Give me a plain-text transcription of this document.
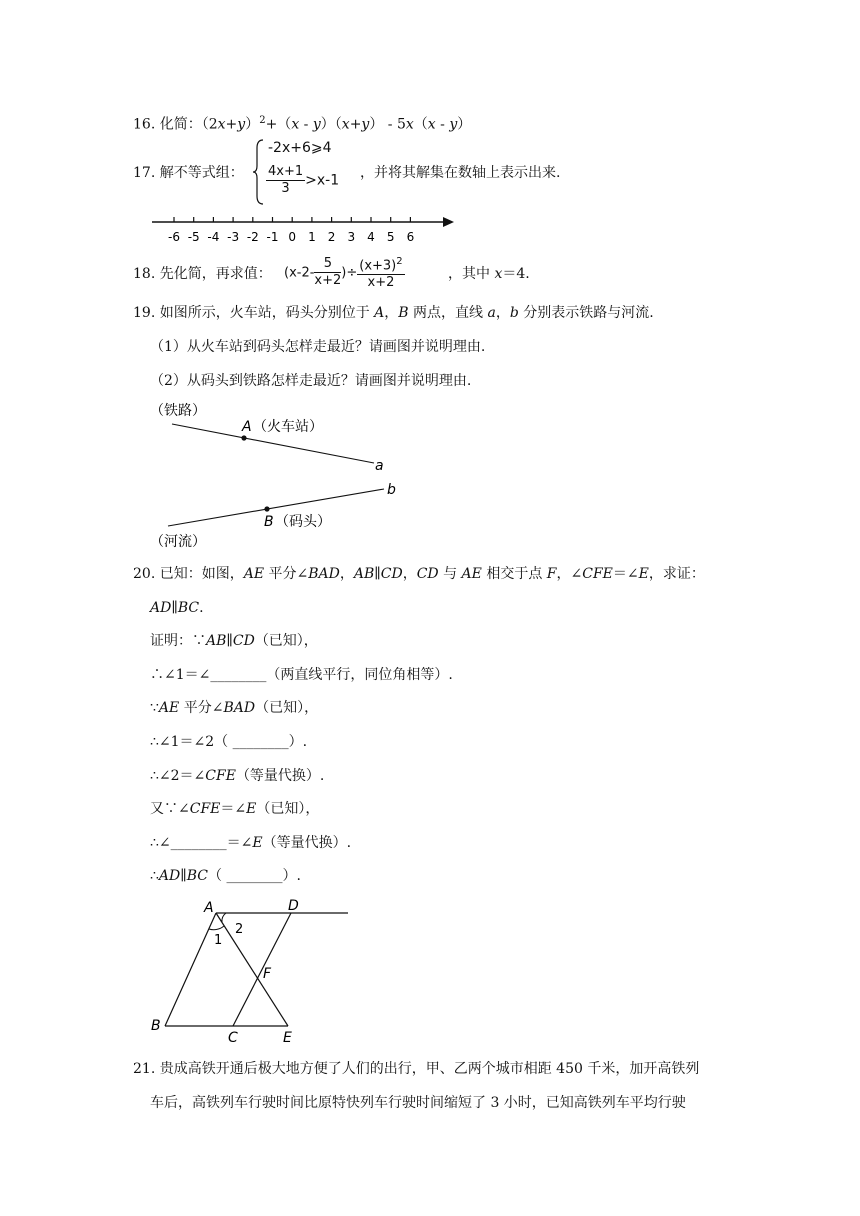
16. 化简：$(2x+y)^2+(x - y)(x+y) - 5x(x - y)$
17. 解不等式组：
-2x+6⩾4
$\frac{4x+1}{3} >x-1$ ，并将其解集在数轴上表示出来.
-6 -5 -4 -3 -2 -1 0 1 2 3 4 5 6
18. 先化简，再求值： ($x-2- \frac{5}{x+2}$ )÷ $\frac{(x+3)^2}{x+2}$	，其中 x＝4.
19. 如图所示，火车站，码头分别位于 A，B 两点，直线 a，b 分别表示铁路与河流.
（1）从火车站到码头怎样走最近？请画图并说明理由.
（2）从码头到铁路怎样走最近？请画图并说明理由.
（铁路）
A （火车站）
a
b
B （码头）
（河流）
20. 已知：如图，AE 平分∠BAD，AB∥CD，CD 与 AE 相交于点 F，∠CFE＝∠E，求证：
AD∥BC.
证明：∵AB∥CD（已知），
∴∠1＝∠________（两直线平行，同位角相等）.
∵AE 平分∠BAD（已知），
∴∠1＝∠2（ ________）.
∴∠2＝∠CFE（等量代换）.
又∵∠CFE＝∠E（已知），
∴∠________＝∠E（等量代换）.
∴AD∥BC（ ________）.
A	D
1
2
F
B
C	E
21. 贵成高铁开通后极大地方便了人们的出行，甲、乙两个城市相距 450 千米，加开高铁列
车后，高铁列车行驶时间比原特快列车行驶时间缩短了 3 小时，已知高铁列车平均行驶
